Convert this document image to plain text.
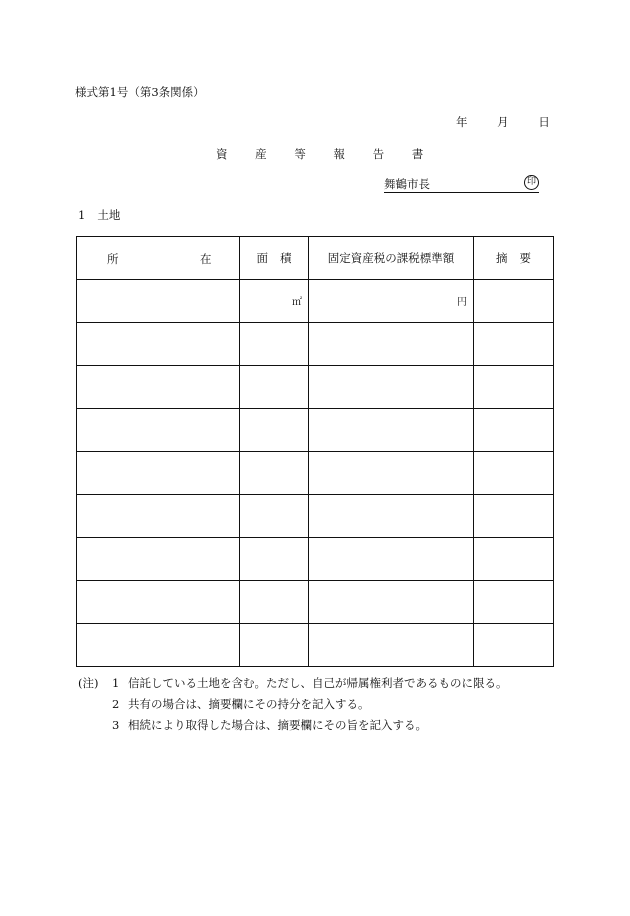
様式第1号（第3条関係）
年	月	日
資 産 等 報 告 書
舞鶴市長	印
1 土地
所 在	面積	固定資産税の課税標準額	摘要
	㎡	円	

(注) 1 信託している土地を含む。ただし、自己が帰属権利者であるものに限る。
2 共有の場合は、摘要欄にその持分を記入する。
3 相続により取得した場合は、摘要欄にその旨を記入する。
